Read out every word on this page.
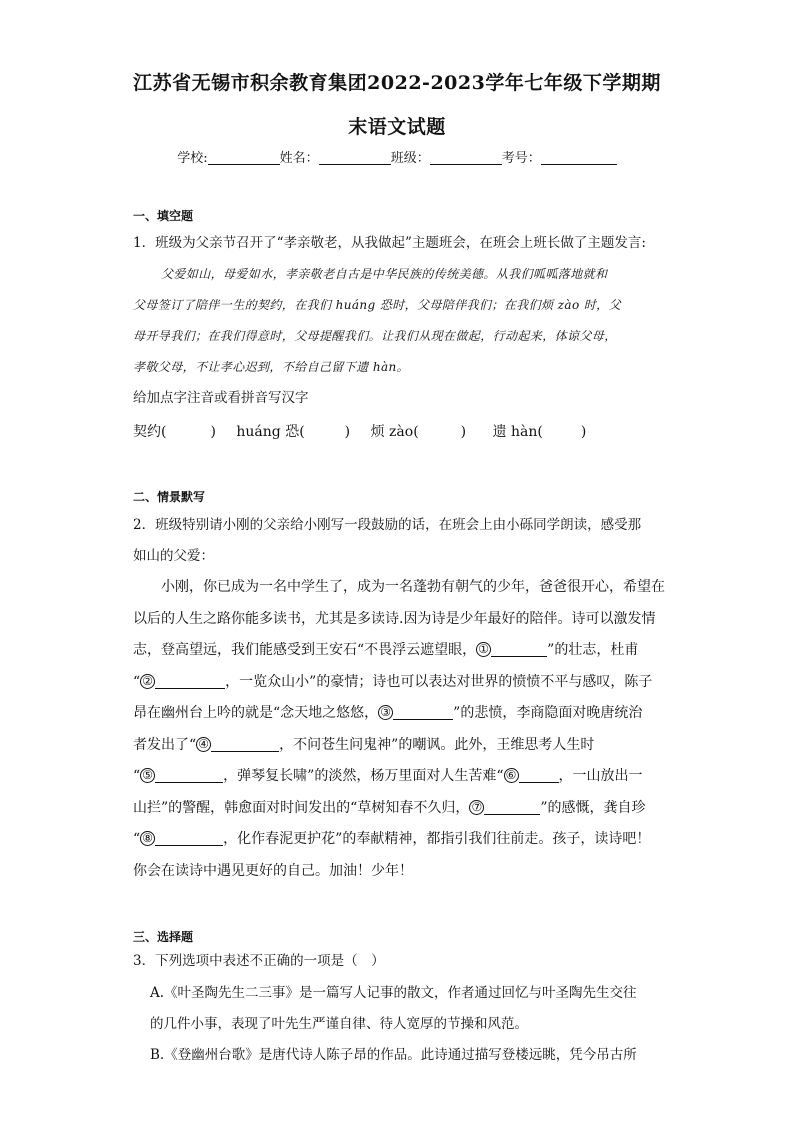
江苏省无锡市积余教育集团2022-2023学年七年级下学期期
末语文试题
学校:	姓名：	班级：	考号：
一、填空题
1．班级为父亲节召开了“孝亲敬老，从我做起”主题班会，在班会上班长做了主题发言:
父爱如山，母爱如水，孝亲敬老自古是中华民族的传统美德。从我们呱呱落地就和
父母签订了陪伴一生的契约，在我们 huáng 恐时，父母陪伴我们；在我们烦 zào 时，父
母开导我们；在我们得意时，父母提醒我们。让我们从现在做起，行动起来，体谅父母，
孝敬父母，不让孝心迟到，不给自己留下遗 hàn。
给加点字注音或看拼音写汉字
契约(	) huáng 恐(	) 烦 zào(	) 遗 hàn(	)
二、情景默写
2．班级特别请小刚的父亲给小刚写一段鼓励的话，在班会上由小砾同学朗读，感受那
如山的父爱：
小刚，你已成为一名中学生了，成为一名蓬勃有朝气的少年，爸爸很开心，希望在
以后的人生之路你能多读书，尤其是多读诗.因为诗是少年最好的陪伴。诗可以激发情
志，登高望远，我们能感受到王安石“不畏浮云遮望眼， ①	”的壮志，杜甫
“ ②	，一览众山小”的豪情；诗也可以表达对世界的愤愤不平与感叹，陈子
昂在幽州台上吟的就是“念天地之悠悠， ③	”的悲愤，李商隐面对晚唐统治
者发出了“ ④	，不问苍生问鬼神”的嘲讽。此外，王维思考人生时
“ ⑤	，弹琴复长啸”的淡然，杨万里面对人生苦难“ ⑥	，一山放出一
山拦”的警醒，韩愈面对时间发出的“草树知春不久归， ⑦	”的感慨，龚自珍
“ ⑧	，化作春泥更护花”的奉献精神，都指引我们往前走。孩子，读诗吧！
你会在读诗中遇见更好的自己。加油！少年！
三、选择题
3．下列选项中表述不正确的一项是（　）
A.《叶圣陶先生二三事》是一篇写人记事的散文，作者通过回忆与叶圣陶先生交往
的几件小事，表现了叶先生严谨自律、待人宽厚的节操和风范。
B.《登幽州台歌》是唐代诗人陈子昂的作品。此诗通过描写登楼远眺，凭今吊古所
